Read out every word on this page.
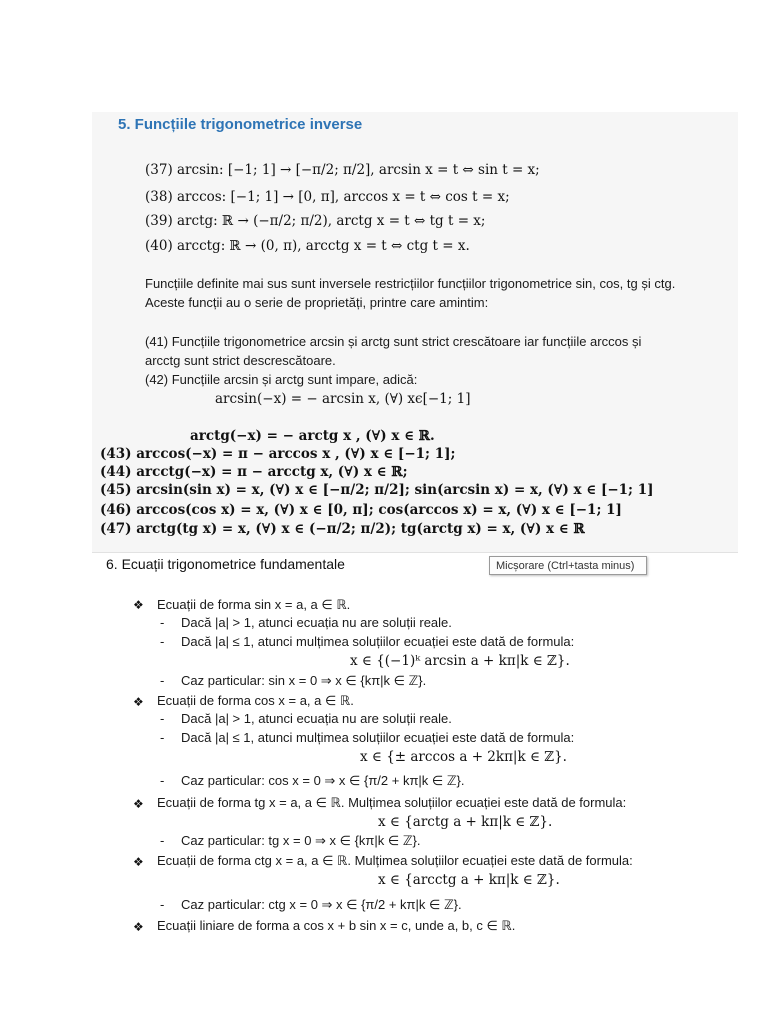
5. Funcțiile trigonometrice inverse
(37) arcsin: [−1; 1] → [−π/2; π/2], arcsin x = t ⇔ sin t = x;
(38) arccos: [−1; 1] → [0, π], arccos x = t ⇔ cos t = x;
(39) arctg: ℝ → (−π/2; π/2), arctg x = t ⇔ tg t = x;
(40) arcctg: ℝ → (0, π), arcctg x = t ⇔ ctg t = x.
Funcțiile definite mai sus sunt inversele restricțiilor funcțiilor trigonometrice sin, cos, tg și ctg.
Aceste funcții au o serie de proprietăți, printre care amintim:
(41) Funcțiile trigonometrice arcsin și arctg sunt strict crescătoare iar funcțiile arccos și
arcctg sunt strict descrescătoare.
(42) Funcțiile arcsin și arctg sunt impare, adică:
arcsin(−x) = − arcsin x, (∀) xϵ[−1; 1]
arctg(−x) = − arctg x , (∀) x ∈ ℝ.
(43) arccos(−x) = π − arccos x , (∀) x ∈ [−1; 1];
(44) arcctg(−x) = π − arcctg x, (∀) x ∈ ℝ;
(45) arcsin(sin x) = x, (∀) x ∈ [−π/2; π/2]; sin(arcsin x) = x, (∀) x ∈ [−1; 1]
(46) arccos(cos x) = x, (∀) x ∈ [0, π]; cos(arccos x) = x, (∀) x ∈ [−1; 1]
(47) arctg(tg x) = x, (∀) x ∈ (−π/2; π/2); tg(arctg x) = x, (∀) x ∈ ℝ
6. Ecuații trigonometrice fundamentale	Micșorare (Ctrl+tasta minus)
❖ Ecuații de forma sin x = a, a ∈ ℝ.
- Dacă |a| > 1, atunci ecuația nu are soluții reale.
- Dacă |a| ≤ 1, atunci mulțimea soluțiilor ecuației este dată de formula:
x ∈ {(−1)ᵏ arcsin a + kπ|k ∈ ℤ}.
- Caz particular: sin x = 0 ⇒ x ∈ {kπ|k ∈ ℤ}.
❖ Ecuații de forma cos x = a, a ∈ ℝ.
- Dacă |a| > 1, atunci ecuația nu are soluții reale.
- Dacă |a| ≤ 1, atunci mulțimea soluțiilor ecuației este dată de formula:
x ∈ {± arccos a + 2kπ|k ∈ ℤ}.
- Caz particular: cos x = 0 ⇒ x ∈ {π/2 + kπ|k ∈ ℤ}.
❖ Ecuații de forma tg x = a, a ∈ ℝ. Mulțimea soluțiilor ecuației este dată de formula:
x ∈ {arctg a + kπ|k ∈ ℤ}.
- Caz particular: tg x = 0 ⇒ x ∈ {kπ|k ∈ ℤ}.
❖ Ecuații de forma ctg x = a, a ∈ ℝ. Mulțimea soluțiilor ecuației este dată de formula:
x ∈ {arcctg a + kπ|k ∈ ℤ}.
- Caz particular: ctg x = 0 ⇒ x ∈ {π/2 + kπ|k ∈ ℤ}.
❖ Ecuații liniare de forma a cos x + b sin x = c, unde a, b, c ∈ ℝ.
